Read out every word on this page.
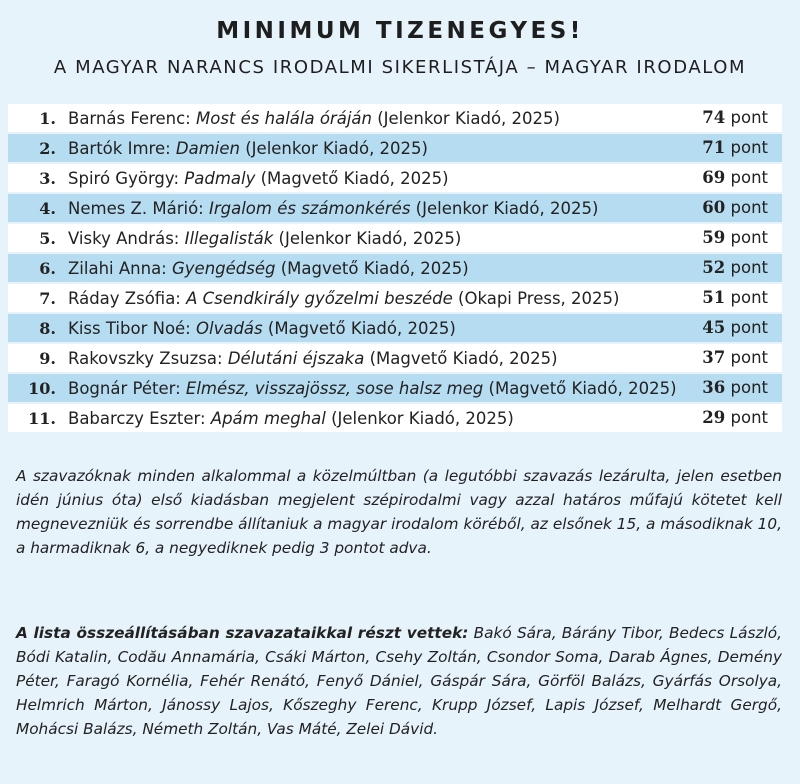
MINIMUM TIZENEGYES!
A MAGYAR NARANCS IRODALMI SIKERLISTÁJA – MAGYAR IRODALOM
1. Barnás Ferenc: Most és halála óráján (Jelenkor Kiadó, 2025)	74 pont
2. Bartók Imre: Damien (Jelenkor Kiadó, 2025)	71 pont
3. Spiró György: Padmaly (Magvető Kiadó, 2025)	69 pont
4. Nemes Z. Márió: Irgalom és számonkérés (Jelenkor Kiadó, 2025)	60 pont
5. Visky András: Illegalisták (Jelenkor Kiadó, 2025)	59 pont
6. Zilahi Anna: Gyengédség (Magvető Kiadó, 2025)	52 pont
7. Ráday Zsófia: A Csendkirály győzelmi beszéde (Okapi Press, 2025)	51 pont
8. Kiss Tibor Noé: Olvadás (Magvető Kiadó, 2025)	45 pont
9. Rakovszky Zsuzsa: Délutáni éjszaka (Magvető Kiadó, 2025)	37 pont
10. Bognár Péter: Elmész, visszajössz, sose halsz meg (Magvető Kiadó, 2025) 36 pont
11. Babarczy Eszter: Apám meghal (Jelenkor Kiadó, 2025)	29 pont
A szavazóknak minden alkalommal a közelmúltban (a legutóbbi szavazás lezárulta, jelen esetben idén június óta) első kiadásban megjelent szépirodalmi vagy azzal határos műfajú kötetet kell megnevezniük és sorrendbe állítaniuk a magyar irodalom köréből, az elsőnek 15, a másodiknak 10, a harmadiknak 6, a negyediknek pedig 3 pontot adva.
A lista összeállításában szavazataikkal részt vettek: Bakó Sára, Bárány Tibor, Bedecs László, Bódi Katalin, Codău Annamária, Csáki Márton, Csehy Zoltán, Csondor Soma, Darab Ágnes, Demény Péter, Faragó Kornélia, Fehér Renátó, Fenyő Dániel, Gáspár Sára, Görföl Balázs, Gyárfás Orsolya, Helmrich Márton, Jánossy Lajos, Kőszeghy Ferenc, Krupp József, Lapis József, Melhardt Gergő, Mohácsi Balázs, Németh Zoltán, Vas Máté, Zelei Dávid.
